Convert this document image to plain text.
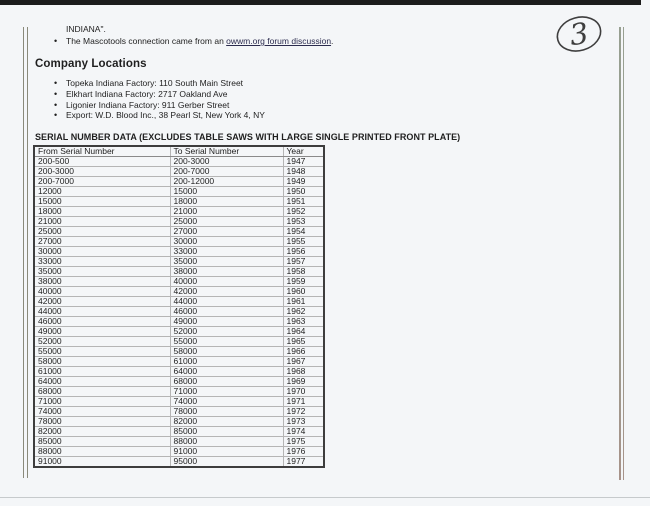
3
INDIANA".
• The Mascotools connection came from an owwm.org forum discussion.
Company Locations
• Topeka Indiana Factory: 110 South Main Street
• Elkhart Indiana Factory: 2717 Oakland Ave
• Ligonier Indiana Factory: 911 Gerber Street
• Export: W.D. Blood Inc., 38 Pearl St, New York 4, NY
SERIAL NUMBER DATA (EXCLUDES TABLE SAWS WITH LARGE SINGLE PRINTED FRONT PLATE)
From Serial Number	To Serial Number	Year
200-500	200-3000	1947
200-3000	200-7000	1948
200-7000	200-12000	1949
12000	15000	1950
15000	18000	1951
18000	21000	1952
21000	25000	1953
25000	27000	1954
27000	30000	1955
30000	33000	1956
33000	35000	1957
35000	38000	1958
38000	40000	1959
40000	42000	1960
42000	44000	1961
44000	46000	1962
46000	49000	1963
49000	52000	1964
52000	55000	1965
55000	58000	1966
58000	61000	1967
61000	64000	1968
64000	68000	1969
68000	71000	1970
71000	74000	1971
74000	78000	1972
78000	82000	1973
82000	85000	1974
85000	88000	1975
88000	91000	1976
91000	95000	1977
